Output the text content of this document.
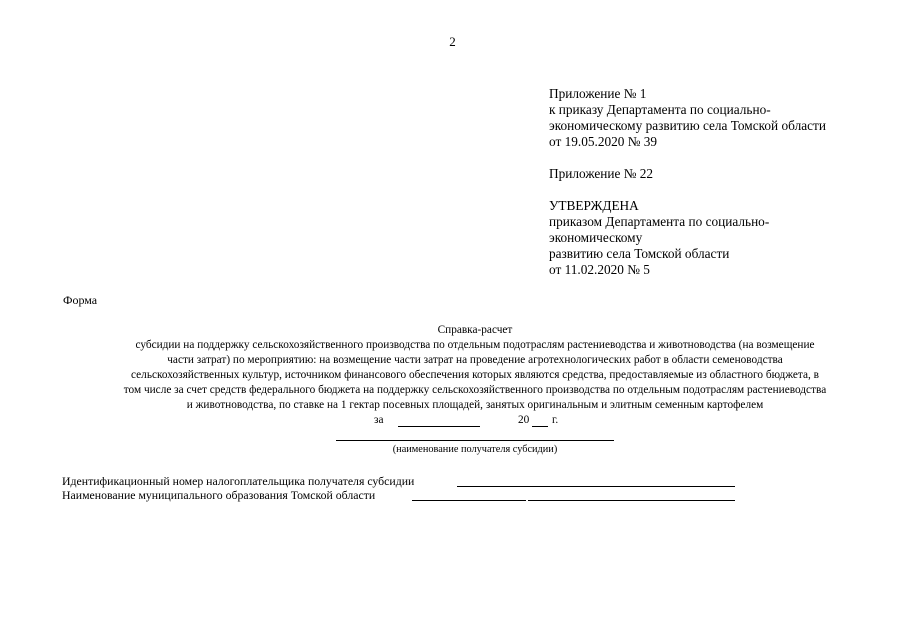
2
Приложение № 1
к приказу Департамента по социально-
экономическому развитию села Томской области
от 19.05.2020 № 39
Приложение № 22
УТВЕРЖДЕНА
приказом Департамента по социально-
экономическому
развитию села Томской области
от 11.02.2020 № 5
Форма
Справка-расчет
субсидии на поддержку сельскохозяйственного производства по отдельным подотраслям растениеводства и животноводства (на возмещение
части затрат) по мероприятию: на возмещение части затрат на проведение агротехнологических работ в области семеноводства
сельскохозяйственных культур, источником финансового обеспечения которых являются средства, предоставляемые из областного бюджета, в
том числе за счет средств федерального бюджета на поддержку сельскохозяйственного производства по отдельным подотраслям растениеводства
и животноводства, по ставке на 1 гектар посевных площадей, занятых оригинальным и элитным семенным картофелем
за	20 г.
(наименование получателя субсидии)
Идентификационный номер налогоплательщика получателя субсидии
Наименование муниципального образования Томской области
